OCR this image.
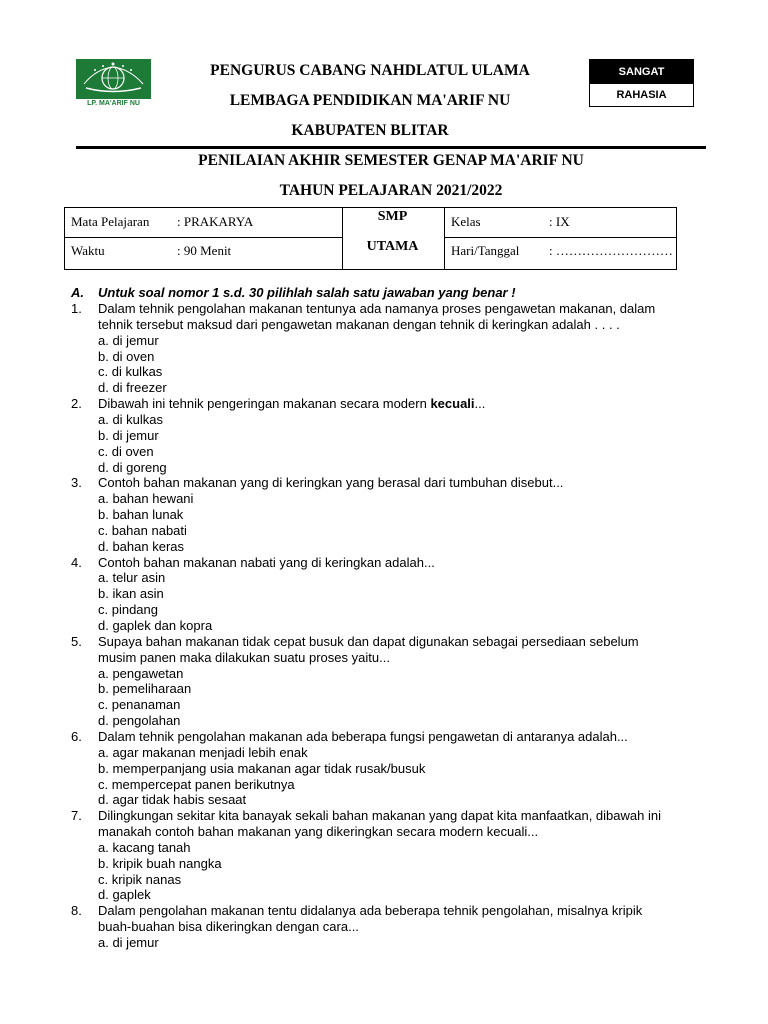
LP. MA'ARIF NU
PENGURUS CABANG NAHDLATUL ULAMA
LEMBAGA PENDIDIKAN MA'ARIF NU
KABUPATEN BLITAR
SANGAT
RAHASIA
PENILAIAN AKHIR SEMESTER GENAP MA'ARIF NU
TAHUN PELAJARAN 2021/2022
Mata Pelajaran : PRAKARYA
Waktu	: 90 Menit
SMP
UTAMA
Kelas	: IX
Hari/Tanggal : ………………………
A. Untuk soal nomor 1 s.d. 30 pilihlah salah satu jawaban yang benar !
1. Dalam tehnik pengolahan makanan tentunya ada namanya proses pengawetan makanan, dalam
tehnik tersebut maksud dari pengawetan makanan dengan tehnik di keringkan adalah . . . .
a. di jemur
b. di oven
c. di kulkas
d. di freezer
2. Dibawah ini tehnik pengeringan makanan secara modern kecuali...
a. di kulkas
b. di jemur
c. di oven
d. di goreng
3. Contoh bahan makanan yang di keringkan yang berasal dari tumbuhan disebut...
a. bahan hewani
b. bahan lunak
c. bahan nabati
d. bahan keras
4. Contoh bahan makanan nabati yang di keringkan adalah...
a. telur asin
b. ikan asin
c. pindang
d. gaplek dan kopra
5. Supaya bahan makanan tidak cepat busuk dan dapat digunakan sebagai persediaan sebelum
musim panen maka dilakukan suatu proses yaitu...
a. pengawetan
b. pemeliharaan
c. penanaman
d. pengolahan
6. Dalam tehnik pengolahan makanan ada beberapa fungsi pengawetan di antaranya adalah...
a. agar makanan menjadi lebih enak
b. memperpanjang usia makanan agar tidak rusak/busuk
c. mempercepat panen berikutnya
d. agar tidak habis sesaat
7. Dilingkungan sekitar kita banayak sekali bahan makanan yang dapat kita manfaatkan, dibawah ini
manakah contoh bahan makanan yang dikeringkan secara modern kecuali...
a. kacang tanah
b. kripik buah nangka
c. kripik nanas
d. gaplek
8. Dalam pengolahan makanan tentu didalanya ada beberapa tehnik pengolahan, misalnya kripik
buah-buahan bisa dikeringkan dengan cara...
a. di jemur
